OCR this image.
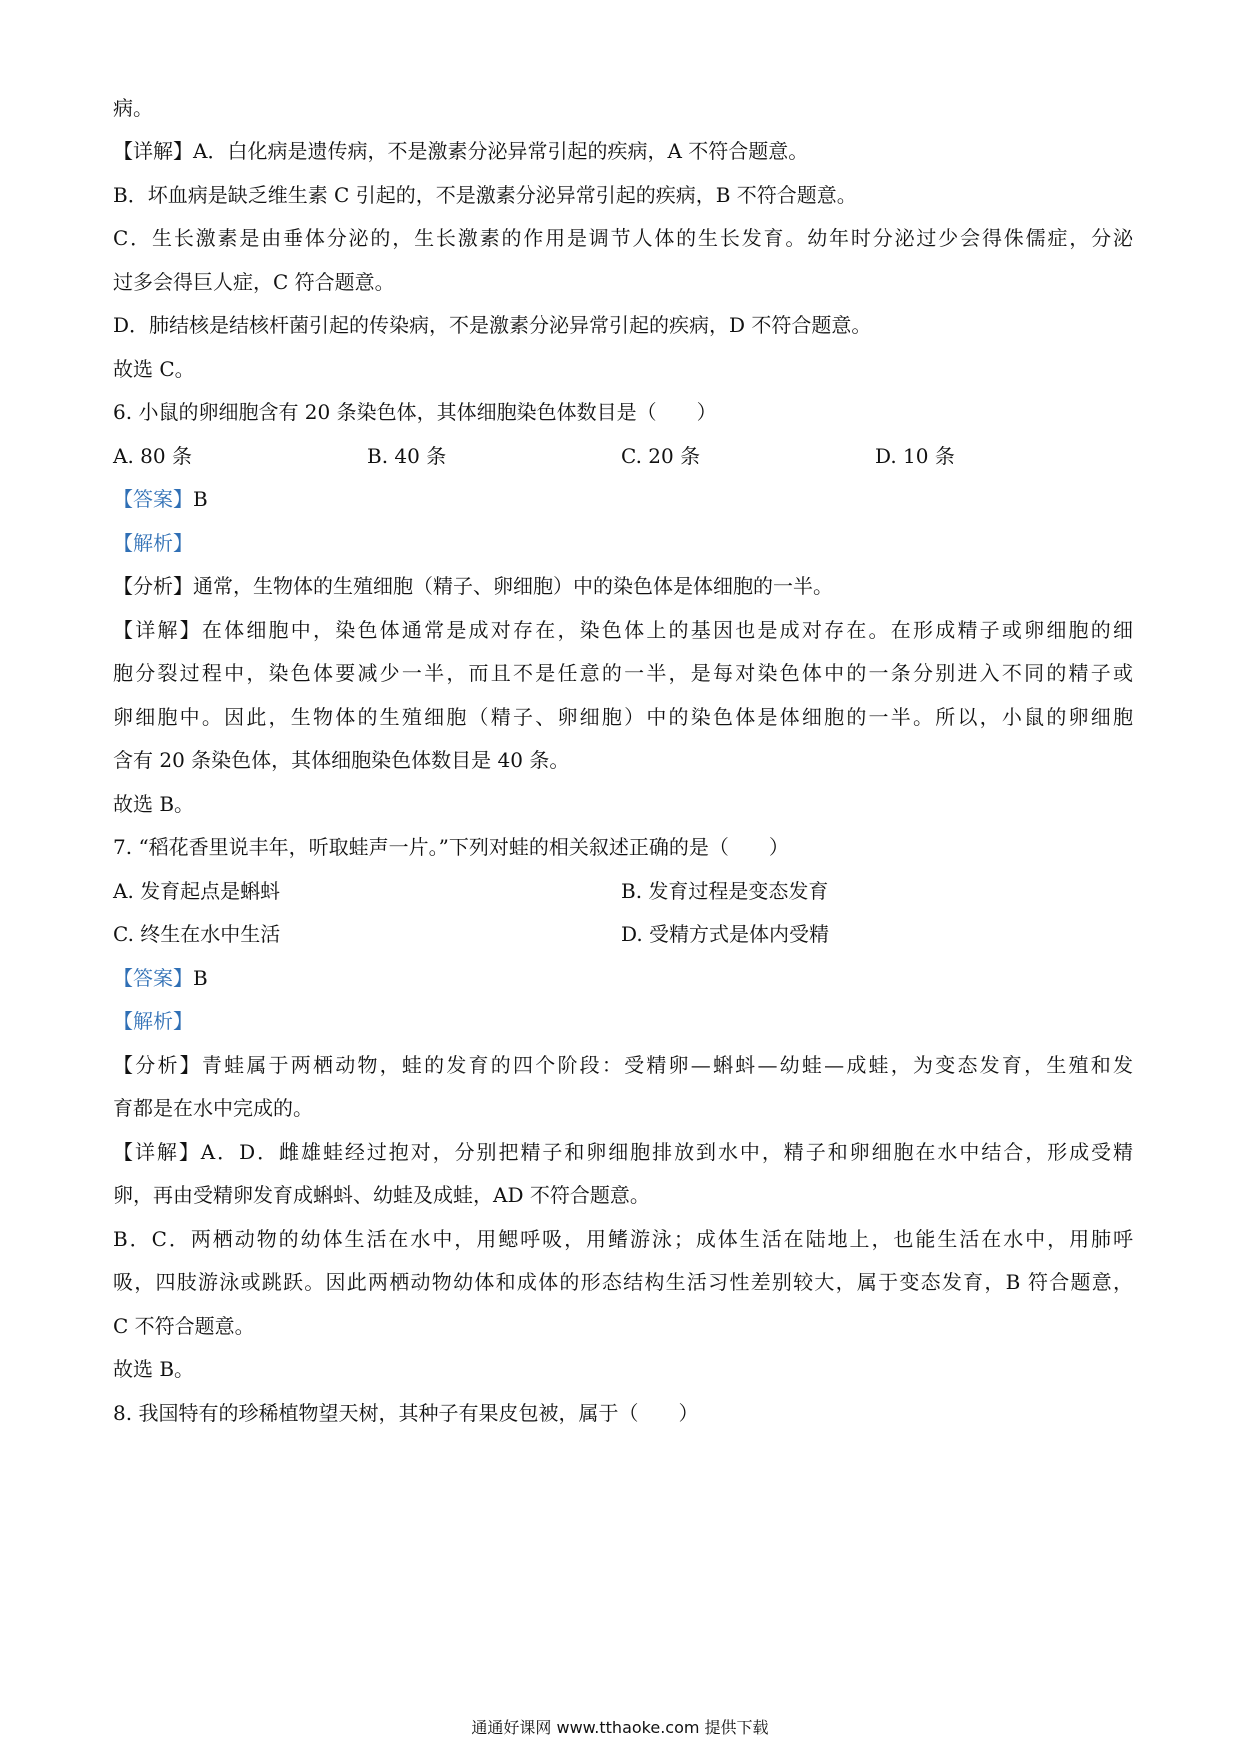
病。
【详解】A．白化病是遗传病，不是激素分泌异常引起的疾病，A 不符合题意。
B．坏血病是缺乏维生素 C 引起的，不是激素分泌异常引起的疾病，B 不符合题意。
C．生长激素是由垂体分泌的，生长激素的作用是调节人体的生长发育。幼年时分泌过少会得侏儒症，分泌
过多会得巨人症，C 符合题意。
D．肺结核是结核杆菌引起的传染病，不是激素分泌异常引起的疾病，D 不符合题意。
故选 C。
6. 小鼠的卵细胞含有 20 条染色体，其体细胞染色体数目是（　　）
A. 80 条	B. 40 条	C. 20 条	D. 10 条
【答案】B
【解析】
【分析】通常，生物体的生殖细胞（精子、卵细胞）中的染色体是体细胞的一半。
【详解】在体细胞中，染色体通常是成对存在，染色体上的基因也是成对存在。在形成精子或卵细胞的细
胞分裂过程中，染色体要减少一半，而且不是任意的一半，是每对染色体中的一条分别进入不同的精子或
卵细胞中。因此，生物体的生殖细胞（精子、卵细胞）中的染色体是体细胞的一半。所以，小鼠的卵细胞
含有 20 条染色体，其体细胞染色体数目是 40 条。
故选 B。
7. “稻花香里说丰年，听取蛙声一片。”下列对蛙的相关叙述正确的是（　　）
A. 发育起点是蝌蚪	B. 发育过程是变态发育
C. 终生在水中生活	D. 受精方式是体内受精
【答案】B
【解析】
【分析】青蛙属于两栖动物，蛙的发育的四个阶段：受精卵—蝌蚪—幼蛙—成蛙，为变态发育，生殖和发
育都是在水中完成的。
【详解】A．D．雌雄蛙经过抱对，分别把精子和卵细胞排放到水中，精子和卵细胞在水中结合，形成受精
卵，再由受精卵发育成蝌蚪、幼蛙及成蛙，AD 不符合题意。
B．C．两栖动物的幼体生活在水中，用鳃呼吸，用鳍游泳；成体生活在陆地上，也能生活在水中，用肺呼
吸，四肢游泳或跳跃。因此两栖动物幼体和成体的形态结构生活习性差别较大，属于变态发育，B 符合题意，
C 不符合题意。
故选 B。
8. 我国特有的珍稀植物望天树，其种子有果皮包被，属于（　　）
通通好课网 www.tthaoke.com 提供下载
